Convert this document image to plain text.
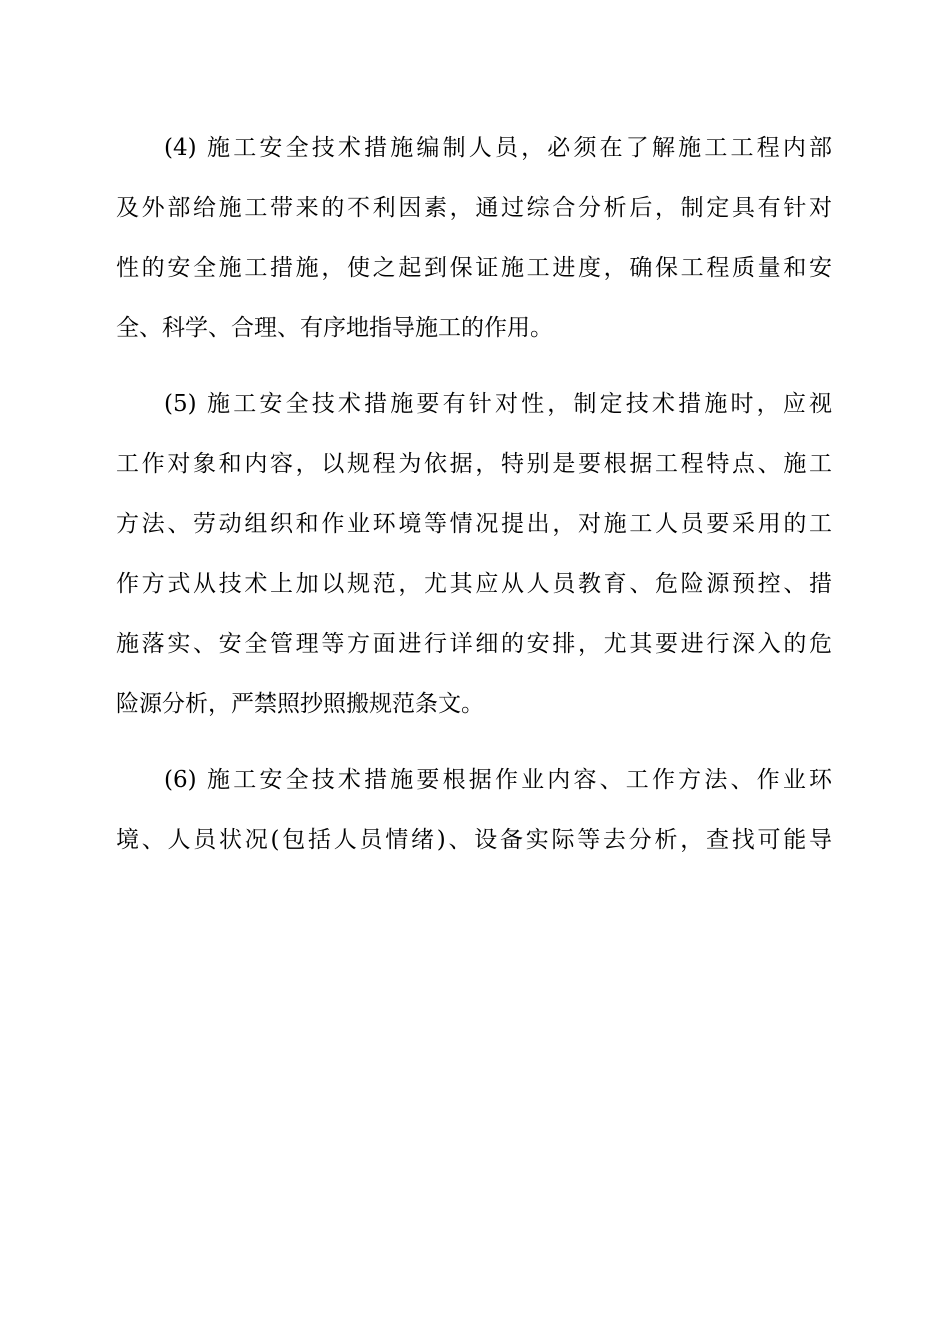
(4) 施工安全技术措施编制人员，必须在了解施工工程内部
及外部给施工带来的不利因素，通过综合分析后，制定具有针对
性的安全施工措施，使之起到保证施工进度，确保工程质量和安
全、科学、合理、有序地指导施工的作用。
(5) 施工安全技术措施要有针对性，制定技术措施时，应视
工作对象和内容，以规程为依据，特别是要根据工程特点、施工
方法、劳动组织和作业环境等情况提出，对施工人员要采用的工
作方式从技术上加以规范，尤其应从人员教育、危险源预控、措
施落实、安全管理等方面进行详细的安排，尤其要进行深入的危
险源分析，严禁照抄照搬规范条文。
(6) 施工安全技术措施要根据作业内容、工作方法、作业环
境、人员状况(包括人员情绪)、设备实际等去分析，查找可能导
